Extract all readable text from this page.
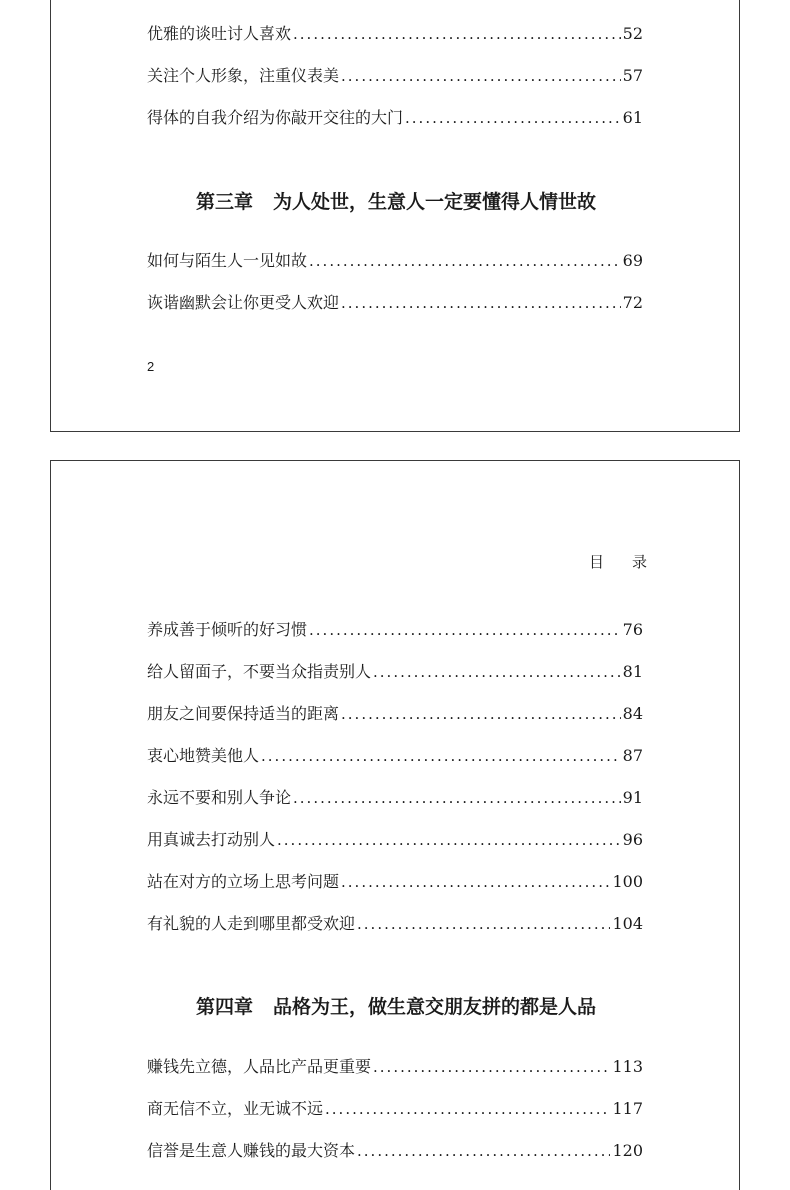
优雅的谈吐讨人喜欢 .....	52
关注个人形象，注重仪表美 .....	57
得体的自我介绍为你敲开交往的大门 .....	61
第三章 为人处世，生意人一定要懂得人情世故
如何与陌生人一见如故 .....	69
诙谐幽默会让你更受人欢迎 .....	72
2
目录
养成善于倾听的好习惯 .....	76
给人留面子，不要当众指责别人 .....	81
朋友之间要保持适当的距离 .....	84
衷心地赞美他人 .....	87
永远不要和别人争论 .....	91
用真诚去打动别人 .....	96
站在对方的立场上思考问题 .....	100
有礼貌的人走到哪里都受欢迎 .....	104
第四章 品格为王，做生意交朋友拼的都是人品
赚钱先立德，人品比产品更重要 .....	113
商无信不立，业无诚不远 .....	117
信誉是生意人赚钱的最大资本 .....	120
